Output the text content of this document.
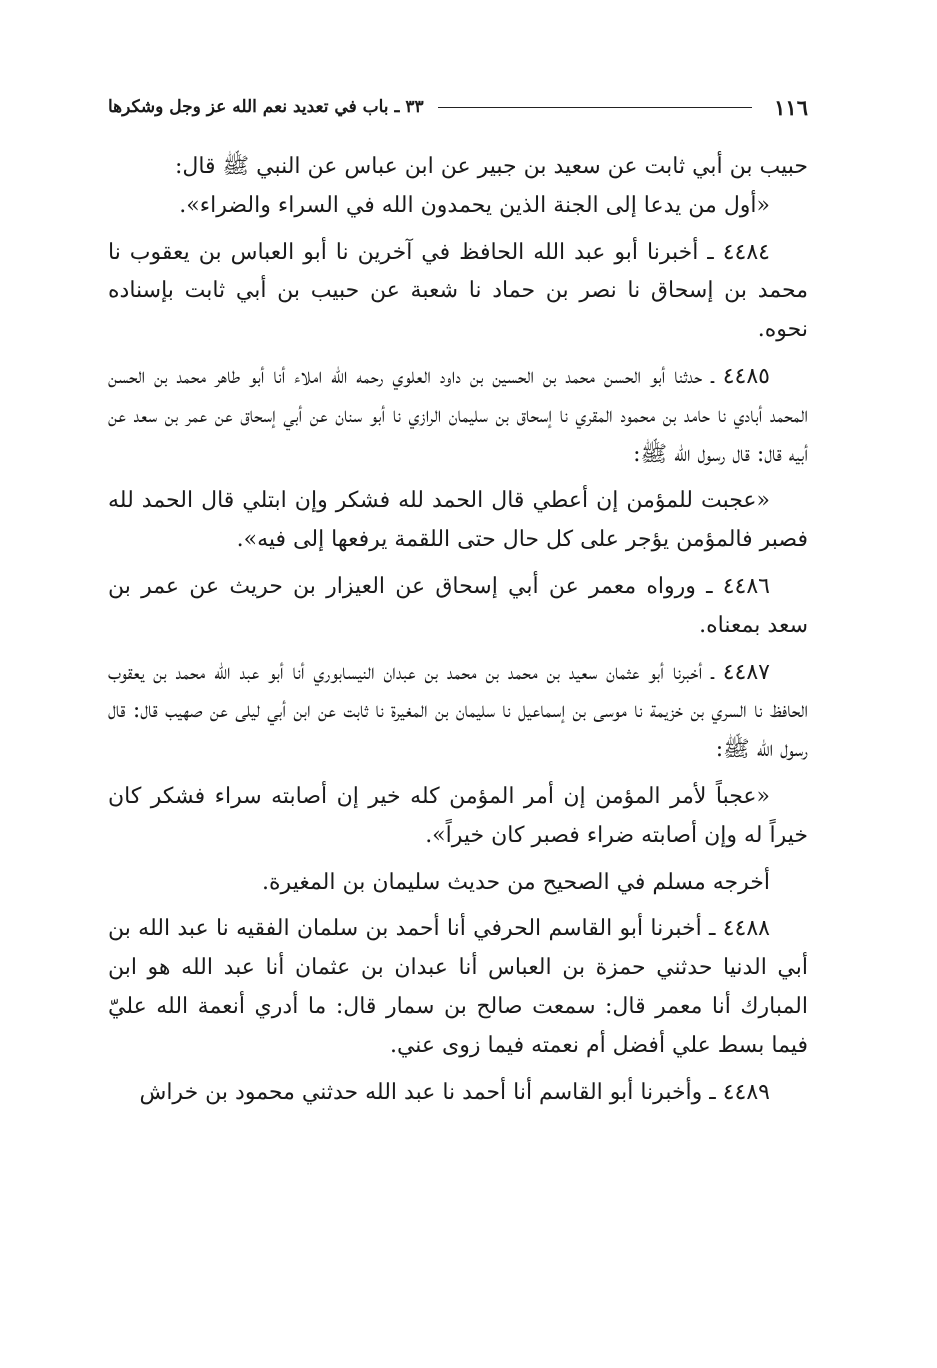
١١٦
٣٣ ـ باب في تعديد نعم الله عز وجل وشكرها

حبيب بن أبي ثابت عن سعيد بن جبير عن ابن عباس عن النبي ﷺ قال:

«أول من يدعا إلى الجنة الذين يحمدون الله في السراء والضراء».

٤٤٨٤ ـ أخبرنا أبو عبد الله الحافظ في آخرين نا أبو العباس بن يعقوب نا محمد بن إسحاق نا نصر بن حماد نا شعبة عن حبيب بن أبي ثابت بإسناده نحوه.

٤٤٨٥ ـ حدثنا أبو الحسن محمد بن الحسين بن داود العلوي رحمه الله املاء أنا أبو طاهر محمد بن الحسن المحمد أبادي نا حامد بن محمود المقري نا إسحاق بن سليمان الرازي نا أبو سنان عن أبي إسحاق عن عمر بن سعد عن أبيه قال: قال رسول الله ﷺ:

«عجبت للمؤمن إن أعطي قال الحمد لله فشكر وإن ابتلي قال الحمد لله فصبر فالمؤمن يؤجر على كل حال حتى اللقمة يرفعها إلى فيه».

٤٤٨٦ ـ ورواه معمر عن أبي إسحاق عن العيزار بن حريث عن عمر بن سعد بمعناه.

٤٤٨٧ ـ أخبرنا أبو عثمان سعيد بن محمد بن محمد بن عبدان النيسابوري أنا أبو عبد الله محمد بن يعقوب الحافظ نا السري بن خزيمة نا موسى بن إسماعيل نا سليمان بن المغيرة نا ثابت عن ابن أبي ليلى عن صهيب قال: قال رسول الله ﷺ:

«عجباً لأمر المؤمن إن أمر المؤمن كله خير إن أصابته سراء فشكر كان خيراً له وإن أصابته ضراء فصبر كان خيراً».

أخرجه مسلم في الصحيح من حديث سليمان بن المغيرة.

٤٤٨٨ ـ أخبرنا أبو القاسم الحرفي أنا أحمد بن سلمان الفقيه نا عبد الله بن أبي الدنيا حدثني حمزة بن العباس أنا عبدان بن عثمان أنا عبد الله هو ابن المبارك أنا معمر قال: سمعت صالح بن سمار قال: ما أدري أنعمة الله عليّ فيما بسط علي أفضل أم نعمته فيما زوى عني.

٤٤٨٩ ـ وأخبرنا أبو القاسم أنا أحمد نا عبد الله حدثني محمود بن خراش
